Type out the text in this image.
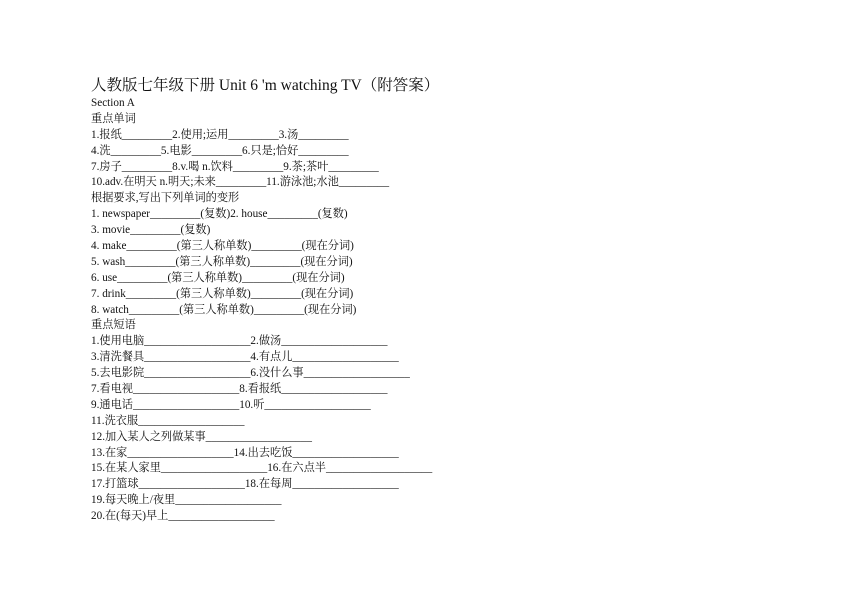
人教版七年级下册 Unit 6 'm watching TV（附答案）
Section A
重点单词
1.报纸_________2.使用;运用_________3.汤_________
4.洗_________5.电影_________6.只是;恰好_________
7.房子_________8.v.喝 n.饮料_________9.茶;茶叶_________
10.adv.在明天 n.明天;未来_________11.游泳池;水池_________
根据要求,写出下列单词的变形
1. newspaper_________(复数)2. house_________(复数)
3. movie_________(复数)
4. make_________(第三人称单数)_________(现在分词)
5. wash_________(第三人称单数)_________(现在分词)
6. use_________(第三人称单数)_________(现在分词)
7. drink_________(第三人称单数)_________(现在分词)
8. watch_________(第三人称单数)_________(现在分词)
重点短语
1.使用电脑___________________2.做汤___________________
3.清洗餐具___________________4.有点儿___________________
5.去电影院___________________6.没什么事___________________
7.看电视___________________8.看报纸___________________
9.通电话___________________10.听___________________
11.洗衣服___________________
12.加入某人之列做某事___________________
13.在家___________________14.出去吃饭___________________
15.在某人家里___________________16.在六点半___________________
17.打篮球___________________18.在每周___________________
19.每天晚上/夜里___________________
20.在(每天)早上___________________
